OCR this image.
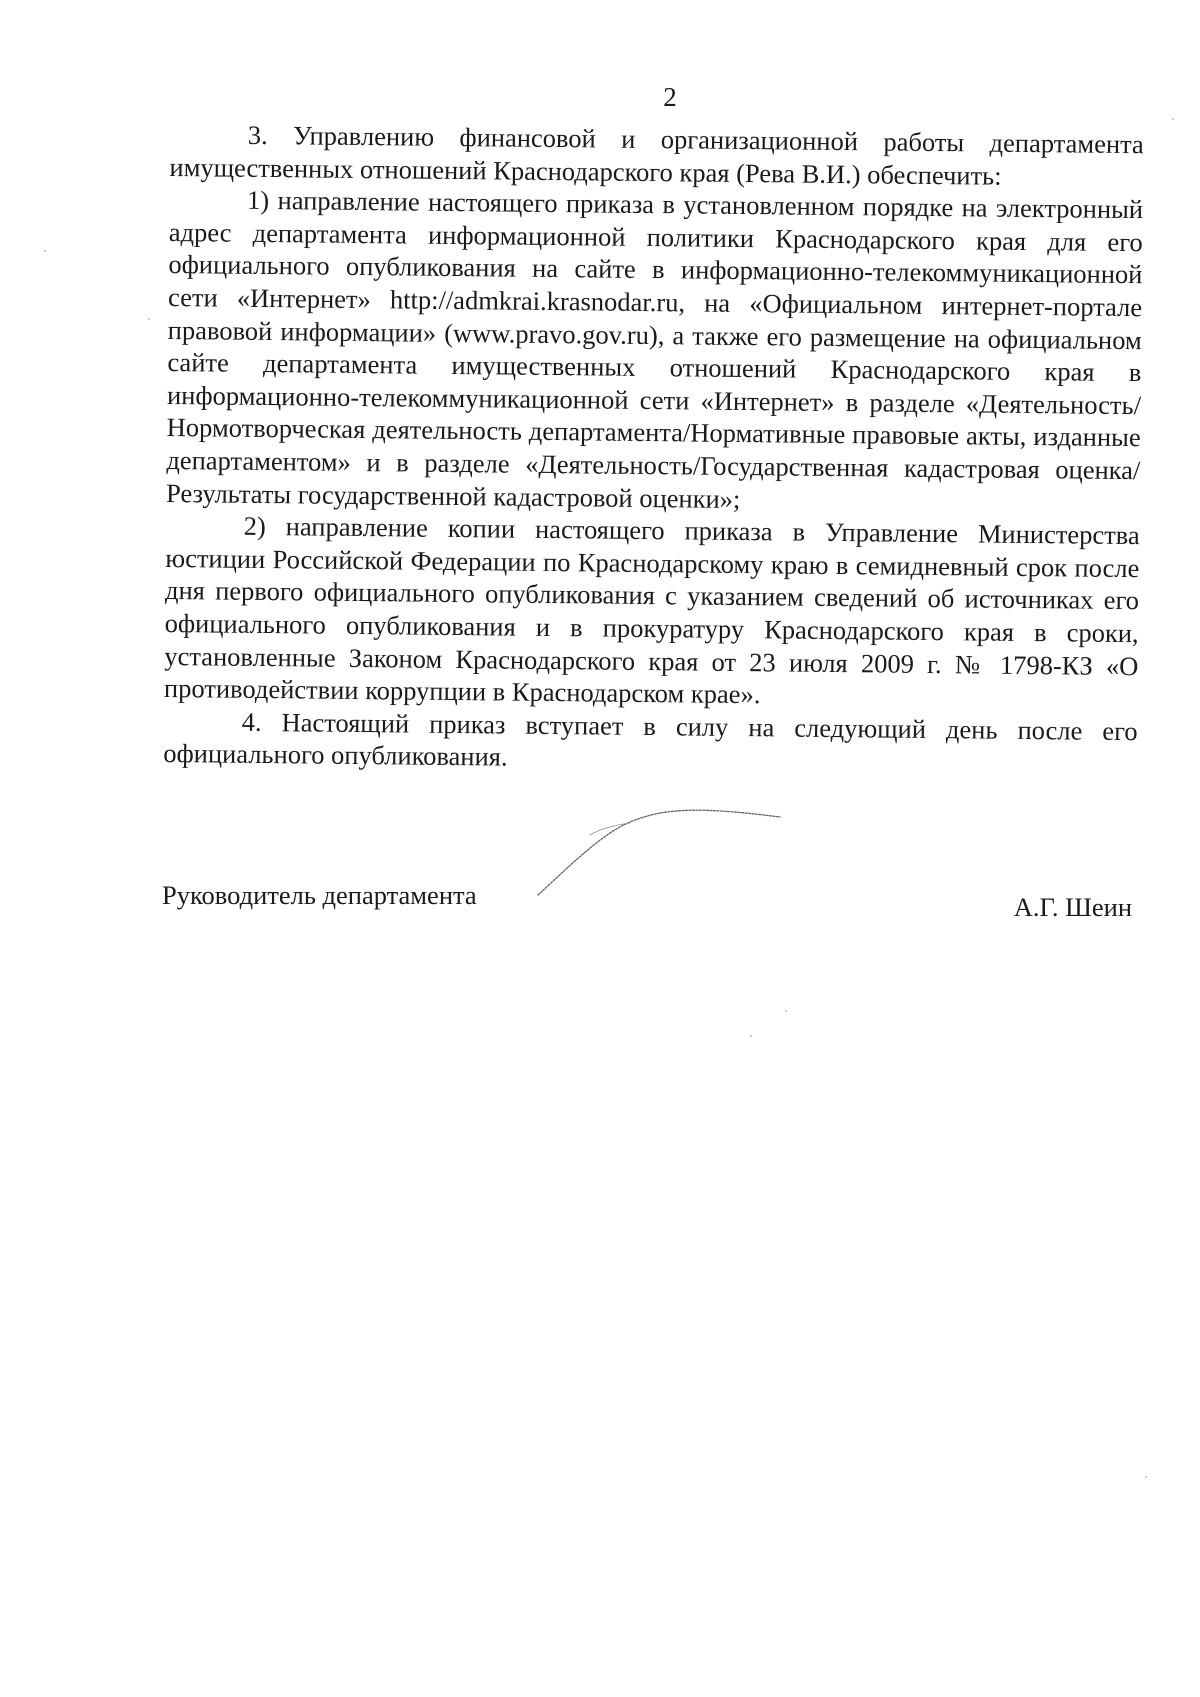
2

3. Управлению финансовой и организационной работы департамента имущественных отношений Краснодарского края (Рева В.И.) обеспечить:

1) направление настоящего приказа в установленном порядке на электронный адрес департамента информационной политики Краснодарского края для его официального опубликования на сайте в информационно-телекоммуникационной сети «Интернет» http://admkrai.krasnodar.ru, на «Официальном интернет-портале правовой информации» (www.pravo.gov.ru), а также его размещение на официальном сайте департамента имущественных отношений Краснодарского края в информационно-телекоммуникационной сети «Интернет» в разделе «Деятельность/Нормотворческая деятельность департамента/Нормативные правовые акты, изданные департаментом» и в разделе «Деятельность/Государственная кадастровая оценка/Результаты государственной кадастровой оценки»;

2) направление копии настоящего приказа в Управление Министерства юстиции Российской Федерации по Краснодарскому краю в семидневный срок после дня первого официального опубликования с указанием сведений об источниках его официального опубликования и в прокуратуру Краснодарского края в сроки, установленные Законом Краснодарского края от 23 июля 2009 г. № 1798-КЗ «О противодействии коррупции в Краснодарском крае».

4. Настоящий приказ вступает в силу на следующий день после его официального опубликования.

Руководитель департамента	А.Г. Шеин
